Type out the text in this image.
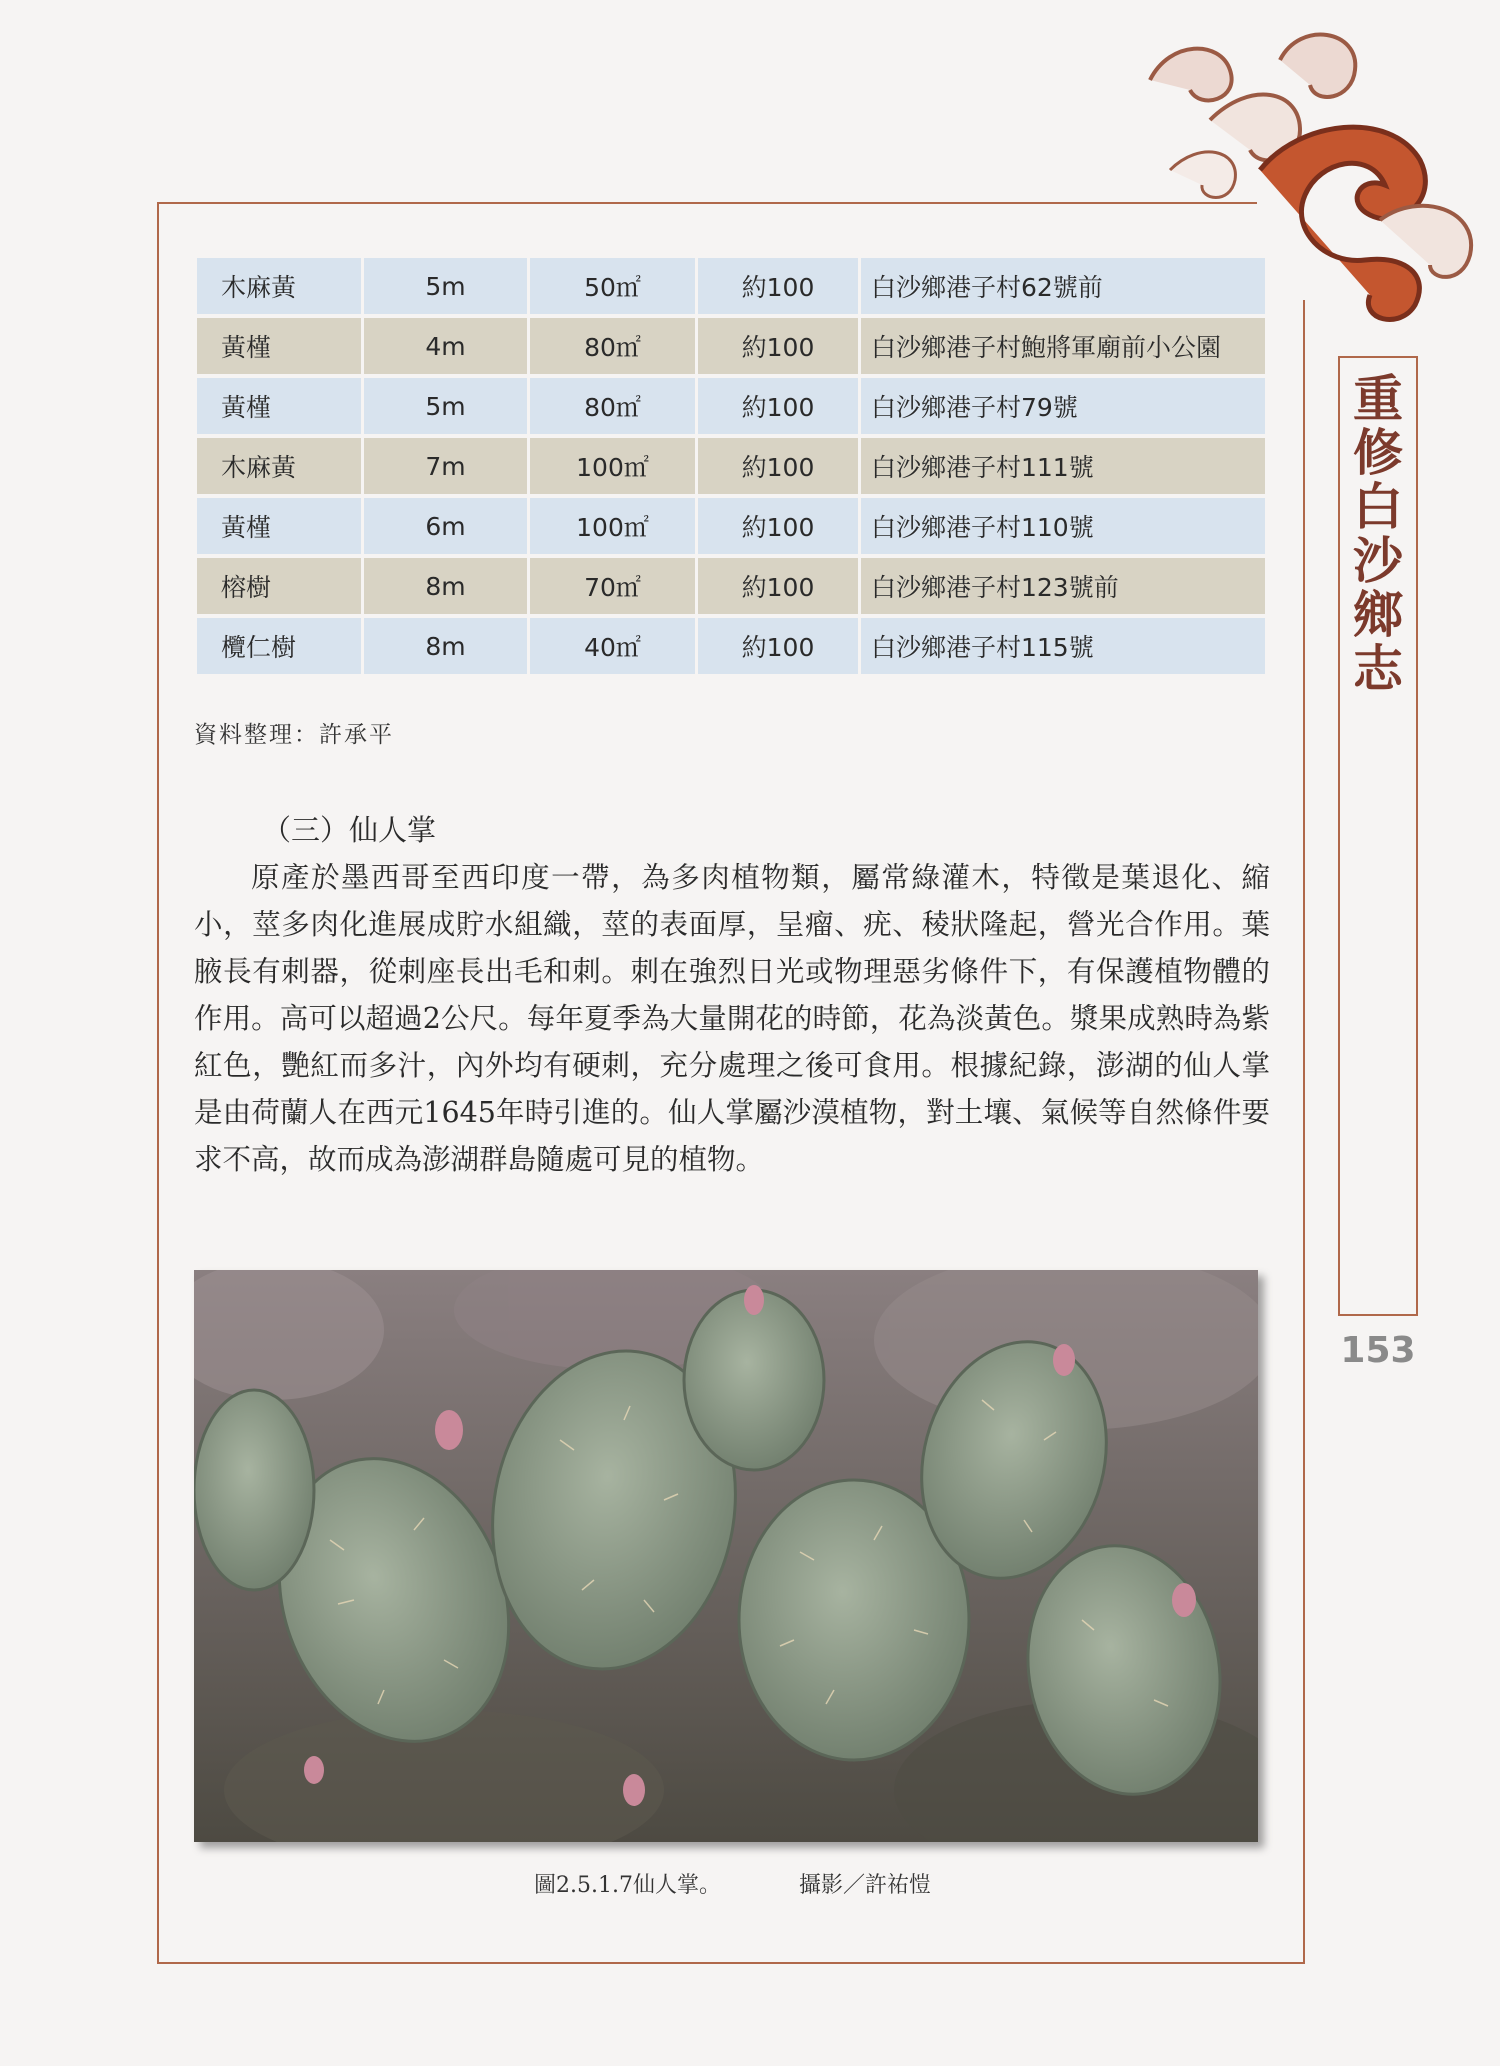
重修白沙鄉志
153
木麻黃	5m	50㎡	約100	白沙鄉港子村62號前
黃槿	4m	80㎡	約100	白沙鄉港子村鮑將軍廟前小公園
黃槿	5m	80㎡	約100	白沙鄉港子村79號
木麻黃	7m	100㎡	約100	白沙鄉港子村111號
黃槿	6m	100㎡	約100	白沙鄉港子村110號
榕樹	8m	70㎡	約100	白沙鄉港子村123號前
欖仁樹	8m	40㎡	約100	白沙鄉港子村115號
資料整理：許承平
（三）仙人掌

原產於墨西哥至西印度一帶，為多肉植物類，屬常綠灌木，特徵是葉退化、縮小，莖多肉化進展成貯水組織，莖的表面厚，呈瘤、疣、稜狀隆起，營光合作用。葉腋長有刺器，從刺座長出毛和刺。刺在強烈日光或物理惡劣條件下，有保護植物體的作用。高可以超過2公尺。每年夏季為大量開花的時節，花為淡黃色。漿果成熟時為紫紅色，艷紅而多汁，內外均有硬刺，充分處理之後可食用。根據紀錄，澎湖的仙人掌是由荷蘭人在西元1645年時引進的。仙人掌屬沙漠植物，對土壤、氣候等自然條件要求不高，故而成為澎湖群島隨處可見的植物。

圖2.5.1.7仙人掌。	攝影／許祐愷
